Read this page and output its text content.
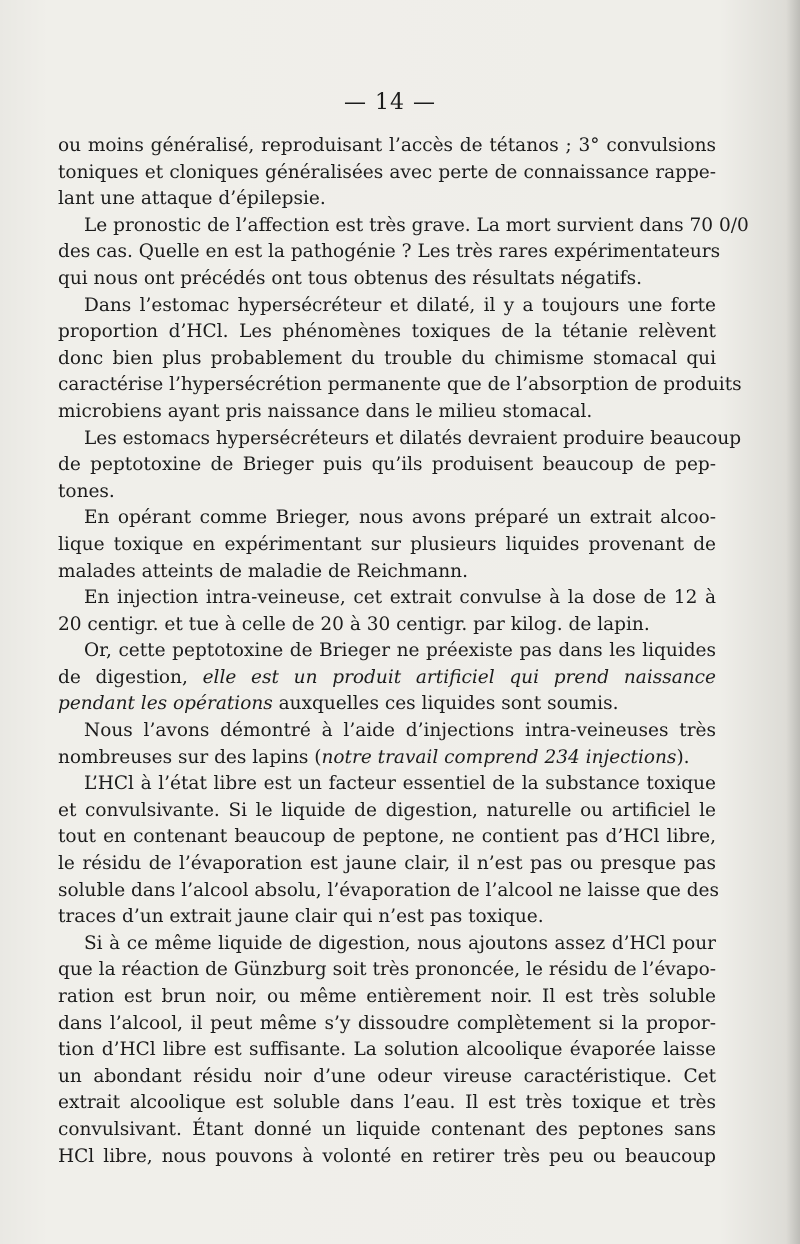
— 14 —
ou moins généralisé, reproduisant l’accès de tétanos ; 3° convulsions
toniques et cloniques généralisées avec perte de connaissance rappe-
lant une attaque d’épilepsie.
Le pronostic de l’affection est très grave. La mort survient dans 70 0/0
des cas. Quelle en est la pathogénie ? Les très rares expérimentateurs
qui nous ont précédés ont tous obtenus des résultats négatifs.
Dans l’estomac hypersécréteur et dilaté, il y a toujours une forte
proportion d’HCl. Les phénomènes toxiques de la tétanie relèvent
donc bien plus probablement du trouble du chimisme stomacal qui
caractérise l’hypersécrétion permanente que de l’absorption de produits
microbiens ayant pris naissance dans le milieu stomacal.
Les estomacs hypersécréteurs et dilatés devraient produire beaucoup
de peptotoxine de Brieger puis qu’ils produisent beaucoup de pep-
tones.
En opérant comme Brieger, nous avons préparé un extrait alcoo-
lique toxique en expérimentant sur plusieurs liquides provenant de
malades atteints de maladie de Reichmann.
En injection intra-veineuse, cet extrait convulse à la dose de 12 à
20 centigr. et tue à celle de 20 à 30 centigr. par kilog. de lapin.
Or, cette peptotoxine de Brieger ne préexiste pas dans les liquides
de digestion, elle est un produit artificiel qui prend naissance
pendant les opérations auxquelles ces liquides sont soumis.
Nous l’avons démontré à l’aide d’injections intra-veineuses très
nombreuses sur des lapins (notre travail comprend 234 injections).
L’HCl à l’état libre est un facteur essentiel de la substance toxique
et convulsivante. Si le liquide de digestion, naturelle ou artificiel le
tout en contenant beaucoup de peptone, ne contient pas d’HCl libre,
le résidu de l’évaporation est jaune clair, il n’est pas ou presque pas
soluble dans l’alcool absolu, l’évaporation de l’alcool ne laisse que des
traces d’un extrait jaune clair qui n’est pas toxique.
Si à ce même liquide de digestion, nous ajoutons assez d’HCl pour
que la réaction de Günzburg soit très prononcée, le résidu de l’évapo-
ration est brun noir, ou même entièrement noir. Il est très soluble
dans l’alcool, il peut même s’y dissoudre complètement si la propor-
tion d’HCl libre est suffisante. La solution alcoolique évaporée laisse
un abondant résidu noir d’une odeur vireuse caractéristique. Cet
extrait alcoolique est soluble dans l’eau. Il est très toxique et très
convulsivant. Étant donné un liquide contenant des peptones sans
HCl libre, nous pouvons à volonté en retirer très peu ou beaucoup
